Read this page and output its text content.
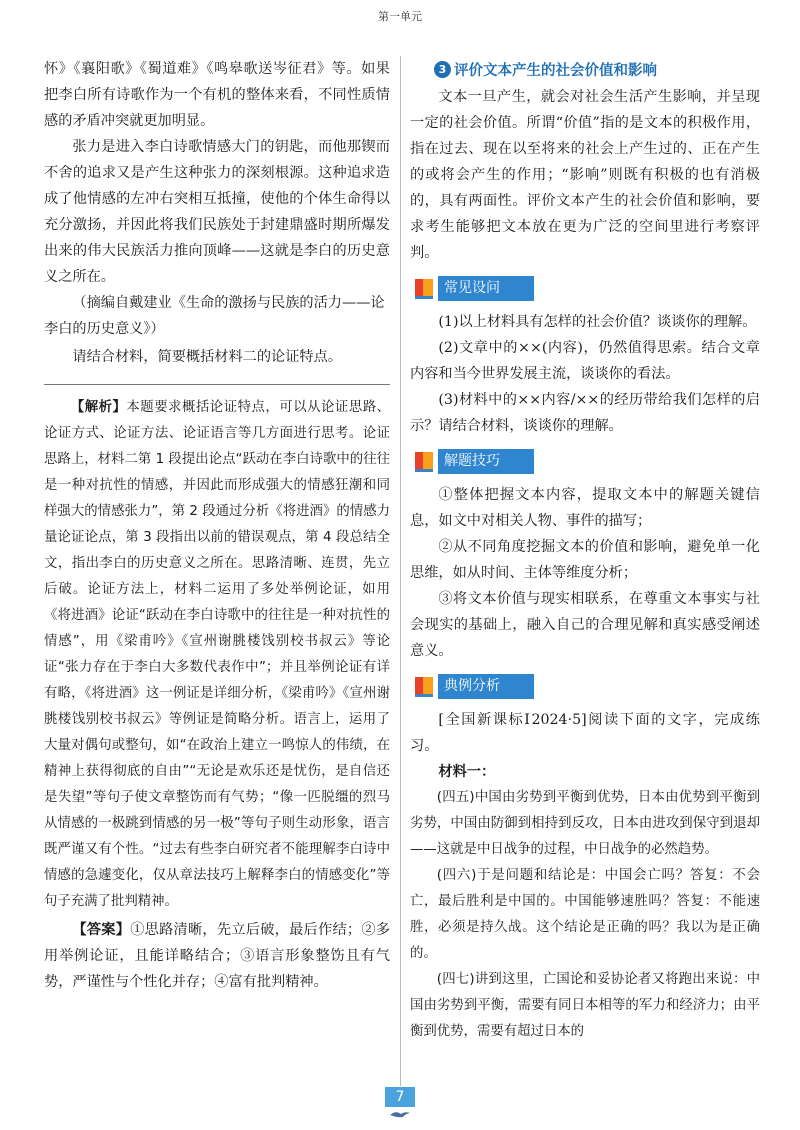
第一单元

怀》《襄阳歌》《蜀道难》《鸣皋歌送岑征君》等。如果把李白所有诗歌作为一个有机的整体来看，不同性质情感的矛盾冲突就更加明显。

张力是进入李白诗歌情感大门的钥匙，而他那锲而不舍的追求又是产生这种张力的深刻根源。这种追求造成了他情感的左冲右突相互抵撞，使他的个体生命得以充分激扬，并因此将我们民族处于封建鼎盛时期所爆发出来的伟大民族活力推向顶峰——这就是李白的历史意义之所在。

（摘编自戴建业《生命的激扬与民族的活力——论李白的历史意义》）

请结合材料，简要概括材料二的论证特点。

【解析】本题要求概括论证特点，可以从论证思路、论证方式、论证方法、论证语言等几方面进行思考。论证思路上，材料二第 1 段提出论点“跃动在李白诗歌中的往往是一种对抗性的情感，并因此而形成强大的情感狂潮和同样强大的情感张力”，第 2 段通过分析《将进酒》的情感力量论证论点，第 3 段指出以前的错误观点，第 4 段总结全文，指出李白的历史意义之所在。思路清晰、连贯，先立后破。论证方法上，材料二运用了多处举例论证，如用《将进酒》论证“跃动在李白诗歌中的往往是一种对抗性的情感”，用《梁甫吟》《宣州谢朓楼饯别校书叔云》等论证“张力存在于李白大多数代表作中”；并且举例论证有详有略，《将进酒》这一例证是详细分析，《梁甫吟》《宣州谢朓楼饯别校书叔云》等例证是简略分析。语言上，运用了大量对偶句或整句，如“在政治上建立一鸣惊人的伟绩，在精神上获得彻底的自由”“无论是欢乐还是忧伤，是自信还是失望”等句子使文章整饬而有气势；“像一匹脱缰的烈马从情感的一极跳到情感的另一极”等句子则生动形象，语言既严谨又有个性。“过去有些李白研究者不能理解李白诗中情感的急遽变化，仅从章法技巧上解释李白的情感变化”等句子充满了批判精神。

【答案】①思路清晰，先立后破，最后作结；②多用举例论证，且能详略结合；③语言形象整饬且有气势，严谨性与个性化并存；④富有批判精神。

3 评价文本产生的社会价值和影响

文本一旦产生，就会对社会生活产生影响，并呈现一定的社会价值。所谓“价值”指的是文本的积极作用，指在过去、现在以至将来的社会上产生过的、正在产生的或将会产生的作用；“影响”则既有积极的也有消极的，具有两面性。评价文本产生的社会价值和影响，要求考生能够把文本放在更为广泛的空间里进行考察评判。

常见设问

(1)以上材料具有怎样的社会价值？谈谈你的理解。

(2)文章中的××(内容)，仍然值得思索。结合文章内容和当今世界发展主流，谈谈你的看法。

(3)材料中的××内容/××的经历带给我们怎样的启示？请结合材料，谈谈你的理解。

解题技巧

①整体把握文本内容，提取文本中的解题关键信息，如文中对相关人物、事件的描写；

②从不同角度挖掘文本的价值和影响，避免单一化思维，如从时间、主体等维度分析；

③将文本价值与现实相联系，在尊重文本事实与社会现实的基础上，融入自己的合理见解和真实感受阐述意义。

典例分析

[全国新课标Ⅰ2024·5]阅读下面的文字，完成练习。

材料一：

(四五)中国由劣势到平衡到优势，日本由优势到平衡到劣势，中国由防御到相持到反攻，日本由进攻到保守到退却——这就是中日战争的过程，中日战争的必然趋势。

(四六)于是问题和结论是：中国会亡吗？答复：不会亡，最后胜利是中国的。中国能够速胜吗？答复：不能速胜，必须是持久战。这个结论是正确的吗？我以为是正确的。

(四七)讲到这里，亡国论和妥协论者又将跑出来说：中国由劣势到平衡，需要有同日本相等的军力和经济力；由平衡到优势，需要有超过日本的

7
